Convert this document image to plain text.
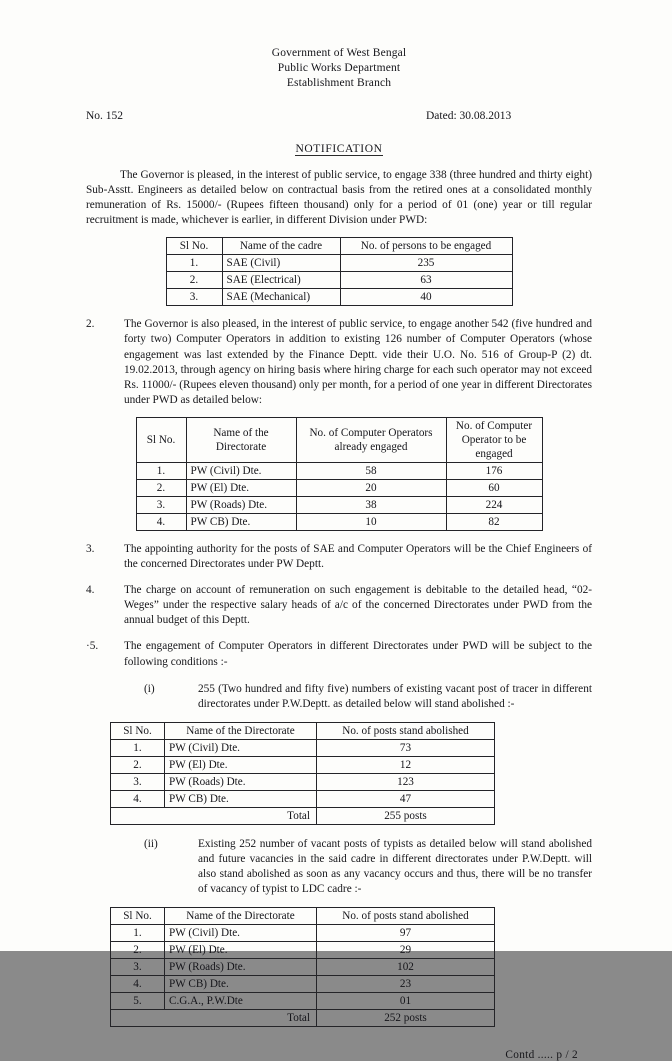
Government of West Bengal
Public Works Department
Establishment Branch
No. 152	Dated: 30.08.2013
NOTIFICATION
The Governor is pleased, in the interest of public service, to engage 338 (three hundred and thirty eight) Sub-Asstt. Engineers as detailed below on contractual basis from the retired ones at a consolidated monthly remuneration of Rs. 15000/- (Rupees fifteen thousand) only for a period of 01 (one) year or till regular recruitment is made, whichever is earlier, in different Division under PWD:
Sl No.	Name of the cadre	No. of persons to be engaged
1.	SAE (Civil)	235
2.	SAE (Electrical)	63
3.	SAE (Mechanical)	40
2.	The Governor is also pleased, in the interest of public service, to engage another 542 (five hundred and forty two) Computer Operators in addition to existing 126 number of Computer Operators (whose engagement was last extended by the Finance Deptt. vide their U.O. No. 516 of Group-P (2) dt. 19.02.2013, through agency on hiring basis where hiring charge for each such operator may not exceed Rs. 11000/- (Rupees eleven thousand) only per month, for a period of one year in different Directorates under PWD as detailed below:
Sl No.	Name of the Directorate	No. of Computer Operators already engaged	No. of Computer Operator to be engaged
1.	PW (Civil) Dte.	58	176
2.	PW (El) Dte.	20	60
3.	PW (Roads) Dte.	38	224
4.	PW CB) Dte.	10	82
3.	The appointing authority for the posts of SAE and Computer Operators will be the Chief Engineers of the concerned Directorates under PW Deptt.
4.	The charge on account of remuneration on such engagement is debitable to the detailed head, “02-Weges” under the respective salary heads of a/c of the concerned Directorates under PWD from the annual budget of this Deptt.
·5.	The engagement of Computer Operators in different Directorates under PWD will be subject to the following conditions :-
(i)	255 (Two hundred and fifty five) numbers of existing vacant post of tracer in different directorates under P.W.Deptt. as detailed below will stand abolished :-
Sl No.	Name of the Directorate	No. of posts stand abolished
1.	PW (Civil) Dte.	73
2.	PW (El) Dte.	12
3.	PW (Roads) Dte.	123
4.	PW CB) Dte.	47
Total		255 posts
(ii)	Existing 252 number of vacant posts of typists as detailed below will stand abolished and future vacancies in the said cadre in different directorates under P.W.Deptt. will also stand abolished as soon as any vacancy occurs and thus, there will be no transfer of vacancy of typist to LDC cadre :-
Sl No.	Name of the Directorate	No. of posts stand abolished
1.	PW (Civil) Dte.	97
2.	PW (El) Dte.	29
3.	PW (Roads) Dte.	102
4.	PW CB) Dte.	23
5.	C.G.A., P.W.Dte	01
Total		252 posts
Contd ..... p / 2
